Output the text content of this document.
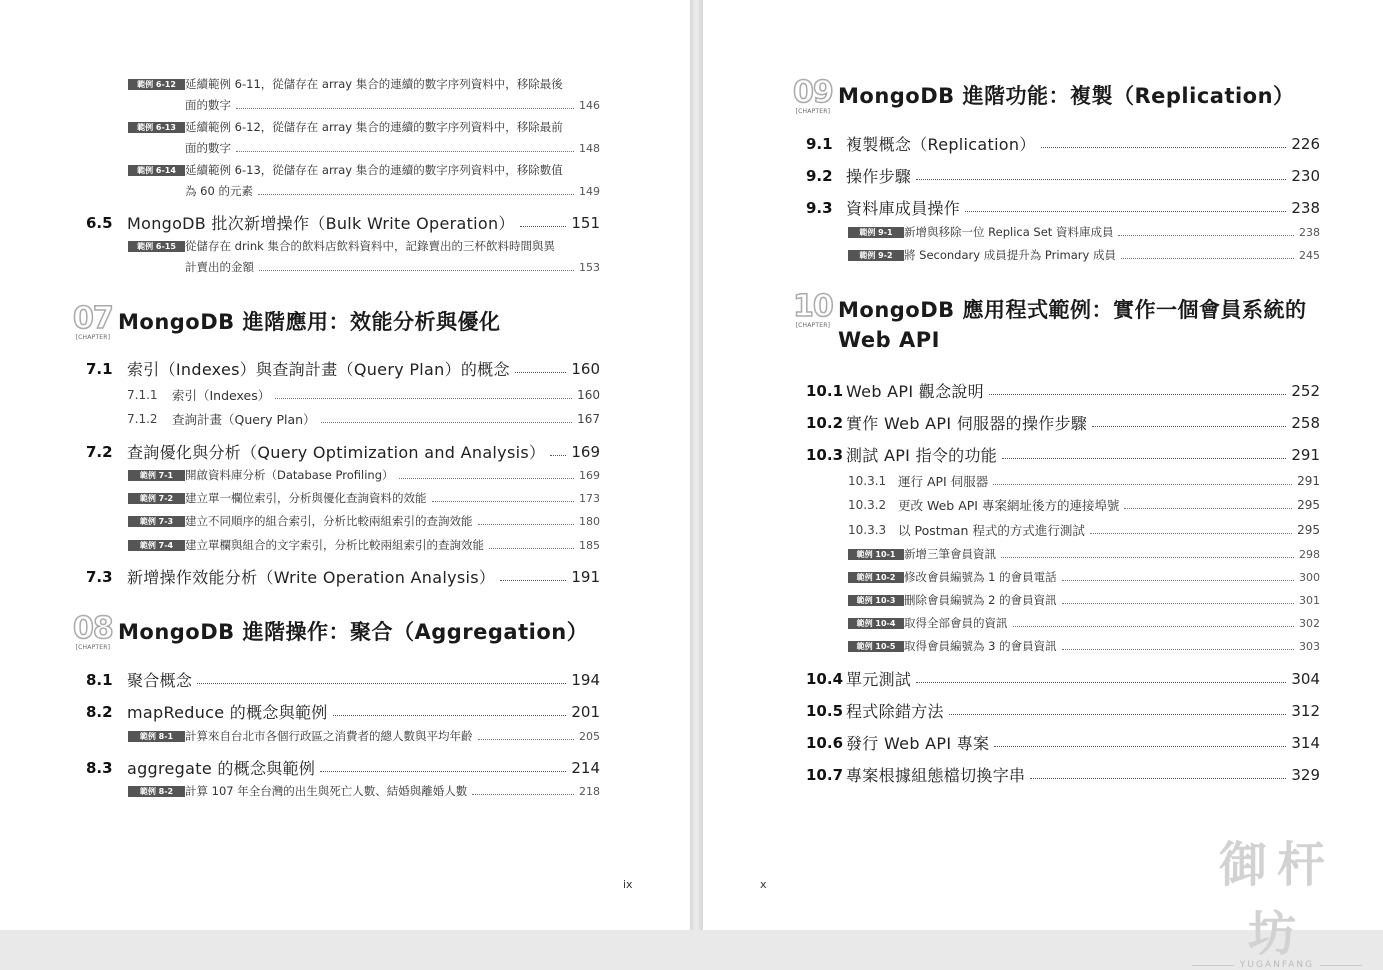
範例 6-12 延續範例 6-11，從儲存在 array 集合的連續的數字序列資料中，移除最後
面的數字	146
範例 6-13 延續範例 6-12，從儲存在 array 集合的連續的數字序列資料中，移除最前
面的數字	148
範例 6-14 延續範例 6-13，從儲存在 array 集合的連續的數字序列資料中，移除數值
為 60 的元素	149
6.5 MongoDB 批次新增操作（Bulk Write Operation）	151
範例 6-15 從儲存在 drink 集合的飲料店飲料資料中，記錄賣出的三杯飲料時間與異
計賣出的金額	153
07
[CHAPTER]
MongoDB 進階應用：效能分析與優化
7.1 索引（Indexes）與查詢計畫（Query Plan）的概念	160
7.1.1	索引（Indexes）	160
7.1.2	查詢計畫（Query Plan）	167
7.2 查詢優化與分析（Query Optimization and Analysis） 169
範例 7-1	開啟資料庫分析（Database Profiling）	169
範例 7-2	建立單一欄位索引，分析與優化查詢資料的效能	173
範例 7-3	建立不同順序的組合索引，分析比較兩組索引的查詢效能	180
範例 7-4	建立單欄與組合的文字索引，分析比較兩組索引的查詢效能	185
7.3 新增操作效能分析（Write Operation Analysis）	191
08
[CHAPTER]
MongoDB 進階操作：聚合（Aggregation）
8.1 聚合概念	194
8.2 mapReduce 的概念與範例	201
範例 8-1	計算來自台北市各個行政區之消費者的總人數與平均年齡	205
8.3 aggregate 的概念與範例	214
範例 8-2	計算 107 年全台灣的出生與死亡人數、結婚與離婚人數	218
09
[CHAPTER]
MongoDB 進階功能：複製（Replication）
9.1 複製概念（Replication）	226
9.2 操作步驟	230
9.3 資料庫成員操作	238
範例 9-1 新增與移除一位 Replica Set 資料庫成員	238
範例 9-2 將 Secondary 成員提升為 Primary 成員	245
10
[CHAPTER]
MongoDB 應用程式範例：實作一個會員系統的
Web API
10.1 Web API 觀念說明	252
10.2 實作 Web API 伺服器的操作步驟	258
10.3 測試 API 指令的功能	291
10.3.1 運行 API 伺服器	291
10.3.2 更改 Web API 專案網址後方的連接埠號	295
10.3.3 以 Postman 程式的方式進行測試	295
範例 10-1 新增三筆會員資訊	298
範例 10-2 修改會員編號為 1 的會員電話	300
範例 10-3 刪除會員編號為 2 的會員資訊	301
範例 10-4 取得全部會員的資訊	302
範例 10-5 取得會員編號為 3 的會員資訊	303
10.4 單元測試	304
10.5 程式除錯方法	312
10.6 發行 Web API 專案	314
10.7 專案根據組態檔切換字串	329
ix	x	御杆坊
YUGANFANG
